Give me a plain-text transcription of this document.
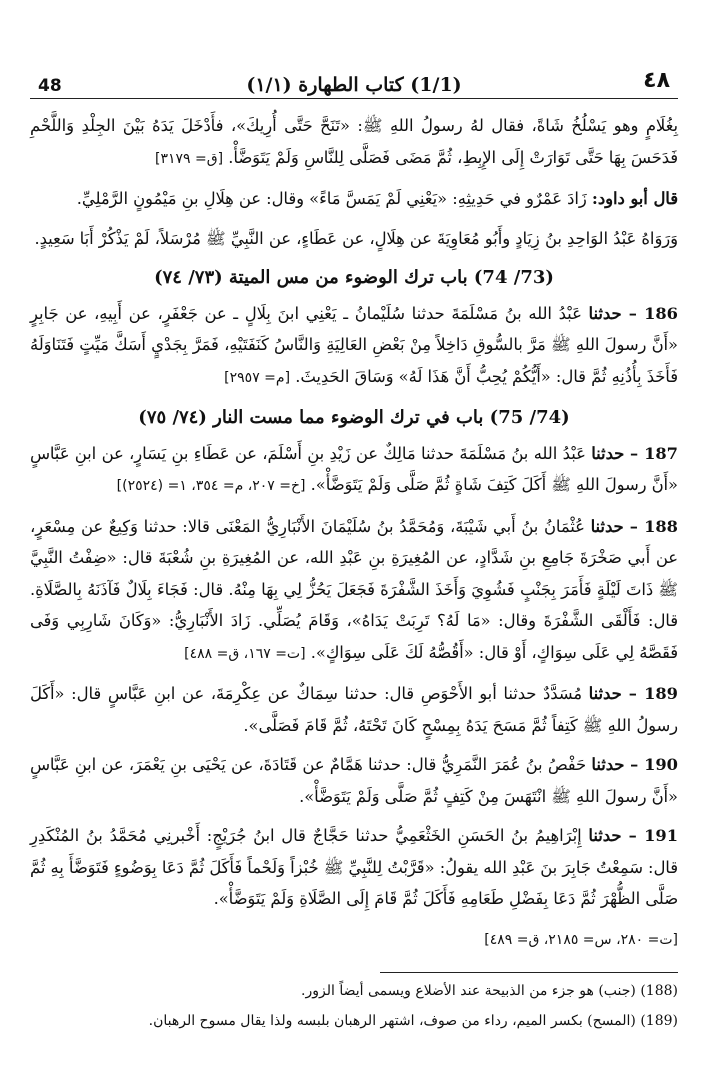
48	(1/1) كتاب الطهارة (١/١)	٤٨

بِغُلَامٍ وهو يَسْلُخُ شَاةً، فقال لهُ رسولُ اللهِ ﷺ: «تَنَحَّ حَتَّى أُرِيكَ»، فأَدْخَلَ يَدَهُ بَيْنَ الجِلْدِ وَاللَّحْمِ فَدَحَسَ بِهَا حَتَّى تَوَارَتْ إِلَى الإِبِطِ، ثُمَّ مَضَى فَصَلَّى لِلنَّاسِ وَلَمْ يَتَوَضَّأْ. [ق= ٣١٧٩]

قال أبو داود: زَادَ عَمْرٌو في حَدِيثِهِ: «يَعْنِي لَمْ يَمَسَّ مَاءً» وقال: عن هِلَالِ بنِ مَيْمُونٍ الرَّمْلِيِّ.

وَرَوَاهُ عَبْدُ الوَاحِدِ بنُ زِيَادٍ وأَبُو مُعَاوِيَةَ عن هِلَالٍ، عن عَطَاءٍ، عن النَّبِيِّ ﷺ مُرْسَلاً، لَمْ يَذْكُرْ أَبَا سَعِيدٍ.

(73/ 74) باب ترك الوضوء من مس الميتة (٧٣/ ٧٤)

186 – حدثنا عَبْدُ الله بنُ مَسْلَمَةَ حدثنا سُلَيْمانُ ـ يَعْنِي ابنَ بِلَالٍ ـ عن جَعْفَرٍ، عن أَبِيهِ، عن جَابِرٍ «أَنَّ رسولَ اللهِ ﷺ مَرَّ بالسُّوقِ دَاخِلاً مِنْ بَعْضِ العَالِيَةِ وَالنَّاسُ كَنَفَتَيْهِ، فَمَرَّ بِجَدْيٍ أَسَكَّ مَيِّتٍ فَتَنَاوَلَهُ فَأَخَذَ بِأُذُنِهِ ثُمَّ قال: «أَيُّكُمْ يُحِبُّ أَنَّ هَذَا لَهُ» وَسَاقَ الحَدِيثَ. [م= ٢٩٥٧]

(74/ 75) باب في ترك الوضوء مما مست النار (٧٤/ ٧٥)

187 – حدثنا عَبْدُ الله بنُ مَسْلَمَةَ حدثنا مَالِكٌ عن زَيْدِ بنِ أَسْلَمَ، عن عَطَاءِ بنِ يَسَارٍ، عن ابنِ عَبَّاسٍ «أَنَّ رسولَ اللهِ ﷺ أَكَلَ كَتِفَ شَاةٍ ثُمَّ صَلَّى وَلَمْ يَتَوَضَّأْ». [خ= ٢٠٧، م= ٣٥٤، ١= (٢٥٢٤)]

188 – حدثنا عُثْمَانُ بنُ أَبي شَيْبَةَ، وَمُحَمَّدُ بنُ سُلَيْمَانَ الأَنْبَارِيُّ المَعْنَى قالا: حدثنا وَكِيعٌ عن مِسْعَرٍ، عن أَبي صَخْرَةَ جَامِعِ بنِ شَدَّادٍ، عن المُغِيرَةِ بنِ عَبْدِ الله، عن المُغِيرَةِ بنِ شُعْبَةَ قال: «ضِفْتُ النَّبِيَّ ﷺ ذَاتَ لَيْلَةٍ فَأَمَرَ بِجَنْبٍ فَشُوِيَ وَأَخَذَ الشَّفْرَةَ فَجَعَلَ يَحُزُّ لِي بِهَا مِنْهُ. قال: فَجَاءَ بِلَالٌ فَآذَنَهُ بِالصَّلَاةِ. قال: فَأَلْقَى الشَّفْرَةَ وقال: «مَا لَهُ؟ تَرِبَتْ يَدَاهُ»، وَقَامَ يُصَلِّي. زَادَ الأَنْبَارِيُّ: «وَكَانَ شَارِبِي وَفَى فَقَصَّهُ لِي عَلَى سِوَاكٍ، أَوْ قال: «أَقُصُّهُ لَكَ عَلَى سِوَاكٍ». [ت= ١٦٧، ق= ٤٨٨]

189 – حدثنا مُسَدَّدٌ حدثنا أبو الأَحْوَصِ قال: حدثنا سِمَاكٌ عن عِكْرِمَةَ، عن ابنِ عَبَّاسٍ قال: «أَكَلَ رسولُ اللهِ ﷺ كَتِفاً ثُمَّ مَسَحَ يَدَهُ بِمِسْحٍ كَانَ تَحْتَهُ، ثُمَّ قَامَ فَصَلَّى».

190 – حدثنا حَفْصُ بنُ عُمَرَ النَّمَرِيُّ قال: حدثنا هَمَّامٌ عن قَتَادَةَ، عن يَحْيَى بنِ يَعْمَرَ، عن ابنِ عَبَّاسٍ «أَنَّ رسولَ اللهِ ﷺ انْتَهَسَ مِنْ كَتِفٍ ثُمَّ صَلَّى وَلَمْ يَتَوَضَّأْ».

191 – حدثنا إِبْرَاهِيمُ بنُ الحَسَنِ الخَثْعَمِيُّ حدثنا حَجَّاجٌ قال ابنُ جُرَيْجٍ: أَخْبرنِي مُحَمَّدُ بنُ المُنْكَدِرِ قال: سَمِعْتُ جَابِرَ بنَ عَبْدِ الله يقولُ: «قَرَّبْتُ لِلنَّبِيِّ ﷺ خُبْزاً وَلَحْماً فَأَكَلَ ثُمَّ دَعَا بِوَضُوءٍ فَتَوَضَّأَ بِهِ ثُمَّ صَلَّى الظُّهْرَ ثُمَّ دَعَا بِفَضْلِ طَعَامِهِ فَأَكَلَ ثُمَّ قَامَ إِلَى الصَّلَاةِ وَلَمْ يَتَوَضَّأْ».

[ت= ٢٨٠، س= ٢١٨٥، ق= ٤٨٩]

(188) (جنب) هو جزء من الذبيحة عند الأضلاع ويسمى أيضاً الزور.
(189) (المسح) بكسر الميم، رداء من صوف، اشتهر الرهبان بلبسه ولذا يقال مسوح الرهبان.
